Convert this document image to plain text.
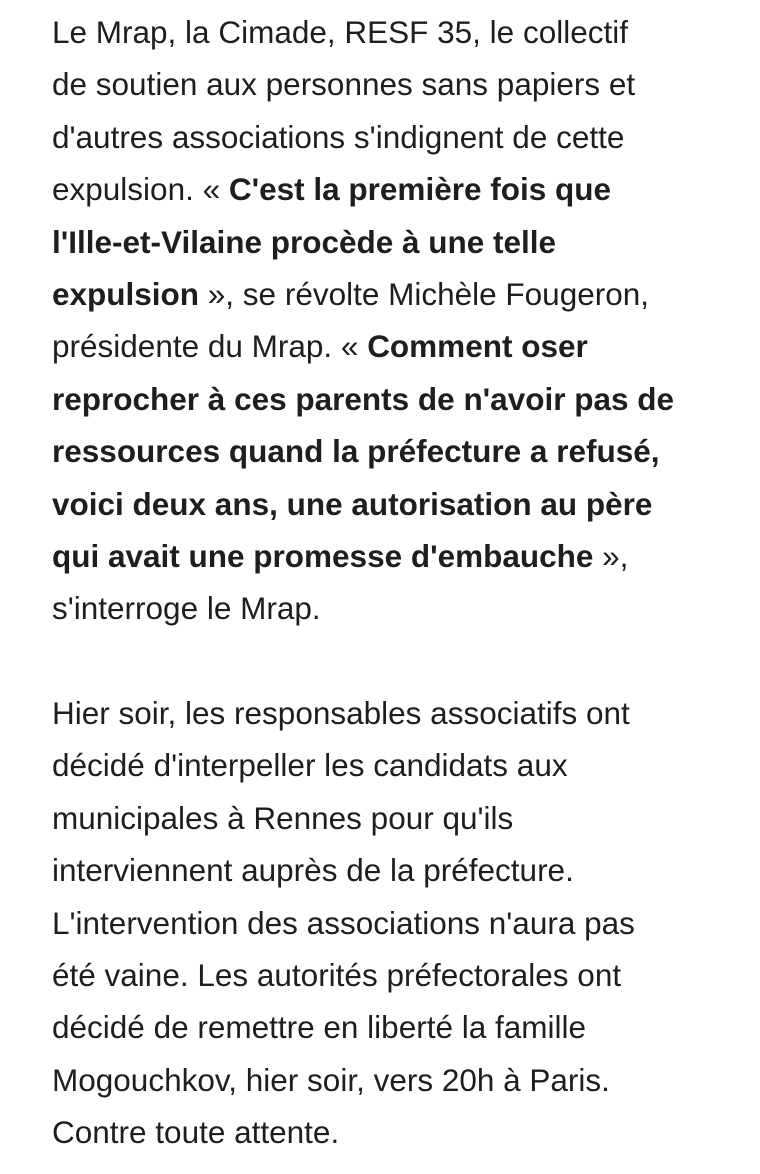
Le Mrap, la Cimade, RESF 35, le collectif
de soutien aux personnes sans papiers et
d'autres associations s'indignent de cette
expulsion. « C'est la première fois que
l'Ille-et-Vilaine procède à une telle
expulsion », se révolte Michèle Fougeron,
présidente du Mrap. « Comment oser
reprocher à ces parents de n'avoir pas de
ressources quand la préfecture a refusé,
voici deux ans, une autorisation au père
qui avait une promesse d'embauche »,
s'interroge le Mrap.

Hier soir, les responsables associatifs ont
décidé d'interpeller les candidats aux
municipales à Rennes pour qu'ils
interviennent auprès de la préfecture.
L'intervention des associations n'aura pas
été vaine. Les autorités préfectorales ont
décidé de remettre en liberté la famille
Mogouchkov, hier soir, vers 20h à Paris.
Contre toute attente.
